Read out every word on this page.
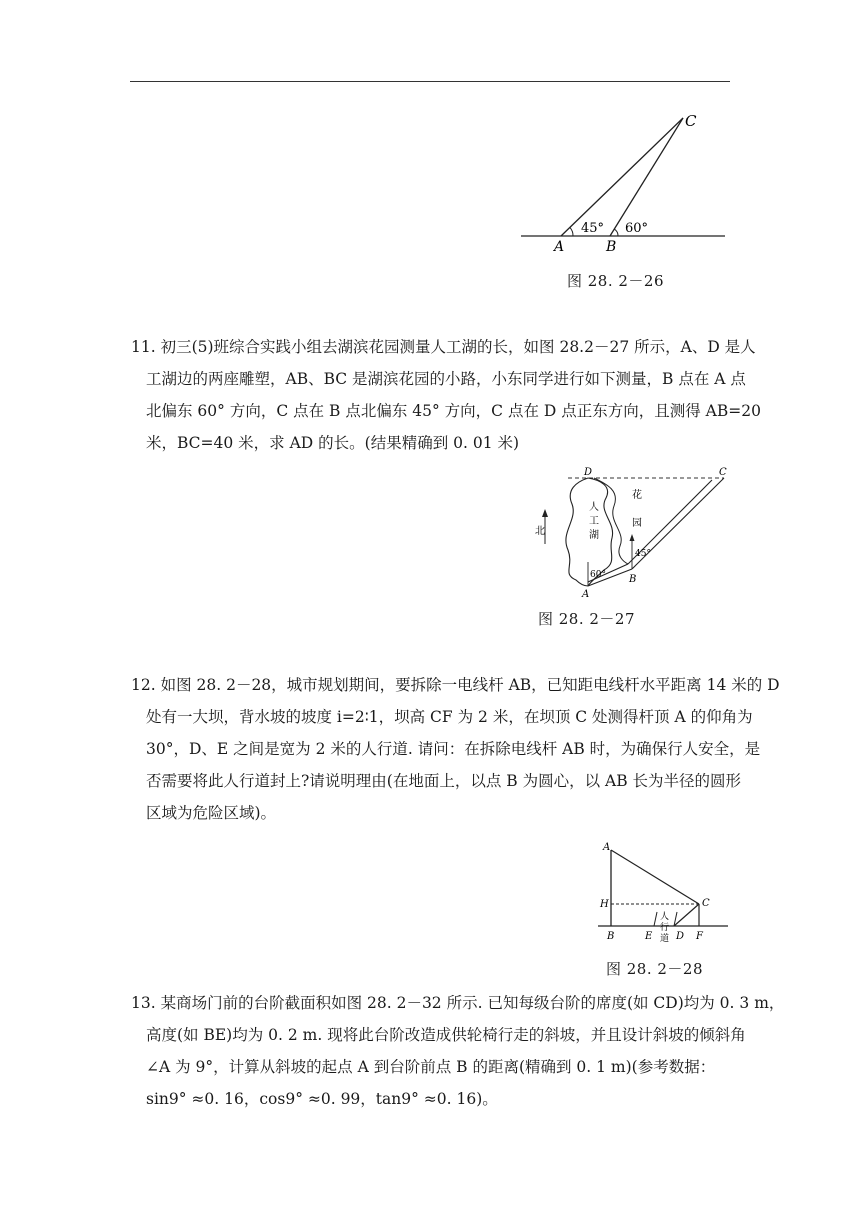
A	B
C
45° 60°
图 28. 2－26
11. 初三(5)班综合实践小组去湖滨花园测量人工湖的长，如图 28.2－27 所示，A、D 是人
工湖边的两座雕塑，AB、BC 是湖滨花园的小路，小东同学进行如下测量，B 点在 A 点
北偏东 60° 方向，C 点在 B 点北偏东 45° 方向，C 点在 D 点正东方向，且测得 AB=20
米，BC=40 米，求 AD 的长。(结果精确到 0. 01 米)
北
人
工
湖
花
园
60°
45°
D	C
A
B
图 28. 2－27
12. 如图 28. 2－28，城市规划期间，要拆除一电线杆 AB，已知距电线杆水平距离 14 米的 D
处有一大坝，背水坡的坡度 i=2∶1，坝高 CF 为 2 米，在坝顶 C 处测得杆顶 A 的仰角为
30°，D、E 之间是宽为 2 米的人行道. 请问：在拆除电线杆 AB 时，为确保行人安全，是
否需要将此人行道封上?请说明理由(在地面上，以点 B 为圆心，以 AB 长为半径的圆形
区域为危险区域)。
A
H	C
B	E D F
人
行
道
图 28. 2－28
13. 某商场门前的台阶截面积如图 28. 2－32 所示. 已知每级台阶的席度(如 CD)均为 0. 3 m，
高度(如 BE)均为 0. 2 m. 现将此台阶改造成供轮椅行走的斜坡，并且设计斜坡的倾斜角
∠A 为 9°，计算从斜坡的起点 A 到台阶前点 B 的距离(精确到 0. 1 m)(参考数据：
sin9° ≈0. 16，cos9° ≈0. 99，tan9° ≈0. 16)。
